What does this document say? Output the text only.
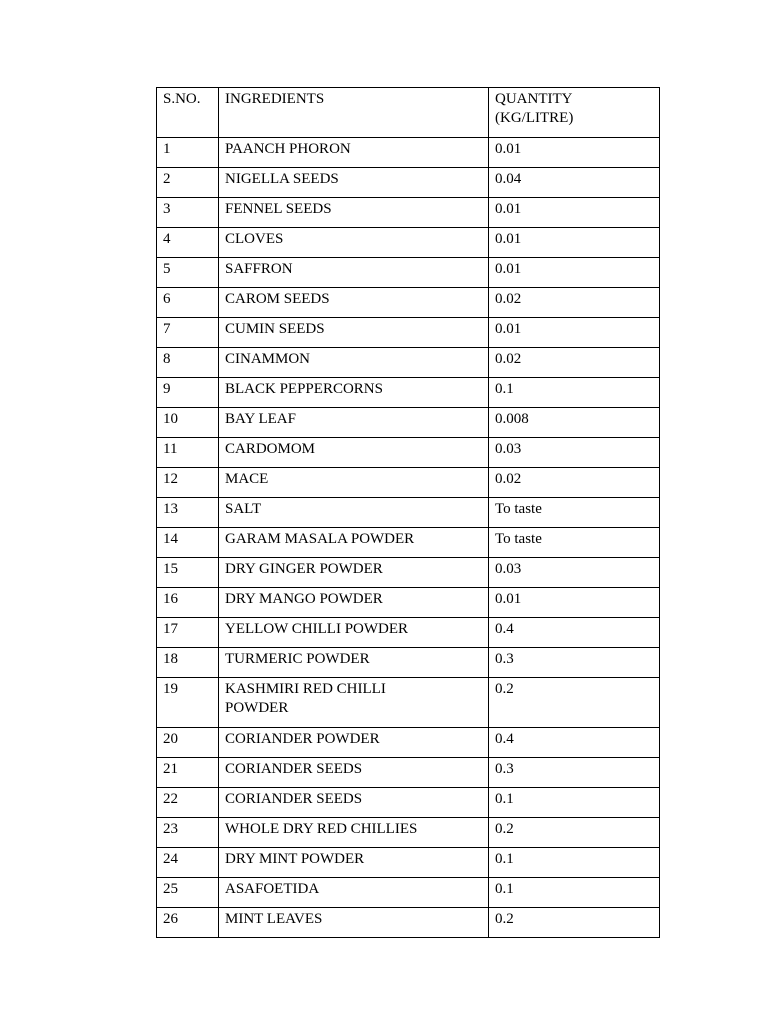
S.NO.	INGREDIENTS	QUANTITY
(KG/LITRE)
1	PAANCH PHORON	0.01
2	NIGELLA SEEDS	0.04
3	FENNEL SEEDS	0.01
4	CLOVES	0.01
5	SAFFRON	0.01
6	CAROM SEEDS	0.02
7	CUMIN SEEDS	0.01
8	CINAMMON	0.02
9	BLACK PEPPERCORNS	0.1
10	BAY LEAF	0.008
11	CARDOMOM	0.03
12	MACE	0.02
13	SALT	To taste
14	GARAM MASALA POWDER	To taste
15	DRY GINGER POWDER	0.03
16	DRY MANGO POWDER	0.01
17	YELLOW CHILLI POWDER	0.4
18	TURMERIC POWDER	0.3
19	KASHMIRI RED CHILLI
POWDER	0.2
20	CORIANDER POWDER	0.4
21	CORIANDER SEEDS	0.3
22	CORIANDER SEEDS	0.1
23	WHOLE DRY RED CHILLIES	0.2
24	DRY MINT POWDER	0.1
25	ASAFOETIDA	0.1
26	MINT LEAVES	0.2
